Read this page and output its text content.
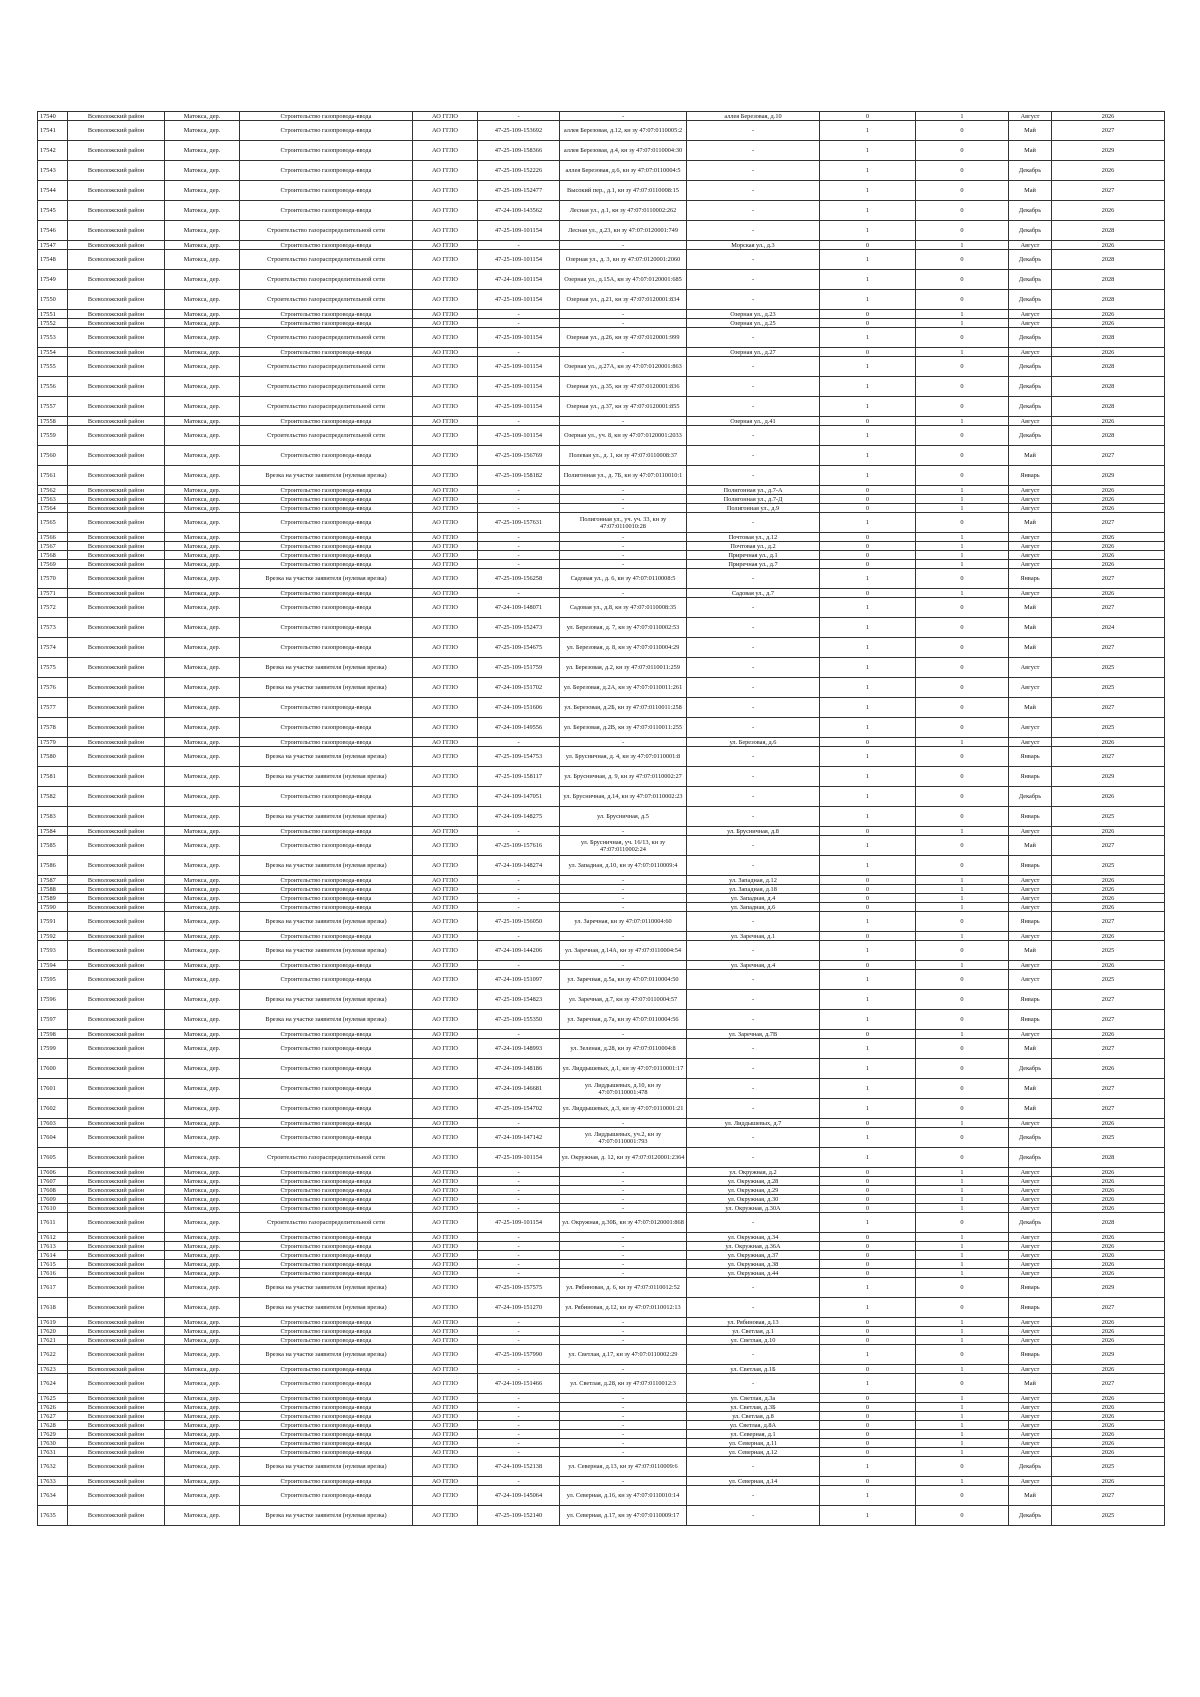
17540	Всеволожский район	Матокса, дер.	Строительство газопровода-ввода	АО ГГЛО	-	-	аллея Березовая, д.10	0	1	Август	2026
17541	Всеволожский район	Матокса, дер.	Строительство газопровода-ввода	АО ГГЛО	47-25-109-153692	аллея Березовая, д.12, кн зу 47:07:0110005:2	-	1	0	Май	2027
17542	Всеволожский район	Матокса, дер.	Строительство газопровода-ввода	АО ГГЛО	47-25-109-158366	аллея Березовая, д.4, кн зу 47:07:0110004:30	-	1	0	Май	2029
17543	Всеволожский район	Матокса, дер.	Строительство газопровода-ввода	АО ГГЛО	47-25-109-152226	аллея Березовая, д.6, кн зу 47:07:0110004:5	-	1	0	Декабрь	2026
17544	Всеволожский район	Матокса, дер.	Строительство газопровода-ввода	АО ГГЛО	47-25-109-152477	Высокий пер., д.1, кн зу 47:07:0110008:15	-	1	0	Май	2027
17545	Всеволожский район	Матокса, дер.	Строительство газопровода-ввода	АО ГГЛО	47-24-109-143562	Лесная ул., д.1, кн зу 47:07:0110002:262	-	1	0	Декабрь	2026
17546	Всеволожский район	Матокса, дер.	Строительство газораспределительной сети	АО ГГЛО	47-25-109-101154	Лесная ул., д.23, кн зу 47:07:0120001:749	-	1	0	Декабрь	2028
17547	Всеволожский район	Матокса, дер.	Строительство газопровода-ввода	АО ГГЛО	-	-	Морская ул., д.3	0	1	Август	2026
17548	Всеволожский район	Матокса, дер.	Строительство газораспределительной сети	АО ГГЛО	47-25-109-101154	Озерная ул., д. 3, кн зу 47:07:0120001:2060	-	1	0	Декабрь	2028
17549	Всеволожский район	Матокса, дер.	Строительство газораспределительной сети	АО ГГЛО	47-24-109-101154	Озерная ул., д.15А, кн зу 47:07:0120001:685	-	1	0	Декабрь	2028
17550	Всеволожский район	Матокса, дер.	Строительство газораспределительной сети	АО ГГЛО	47-25-109-101154	Озерная ул., д.21, кн зу 47:07:0120001:834	-	1	0	Декабрь	2028
17551	Всеволожский район	Матокса, дер.	Строительство газопровода-ввода	АО ГГЛО	-	-	Озерная ул., д.23	0	1	Август	2026
17552	Всеволожский район	Матокса, дер.	Строительство газопровода-ввода	АО ГГЛО	-	-	Озерная ул., д.25	0	1	Август	2026
17553	Всеволожский район	Матокса, дер.	Строительство газораспределительной сети	АО ГГЛО	47-25-109-101154	Озерная ул., д.26, кн зу 47:07:0120001:999	-	1	0	Декабрь	2028
17554	Всеволожский район	Матокса, дер.	Строительство газопровода-ввода	АО ГГЛО	-	-	Озерная ул., д.27	0	1	Август	2026
17555	Всеволожский район	Матокса, дер.	Строительство газораспределительной сети	АО ГГЛО	47-25-109-101154	Озерная ул., д.27А, кн зу 47:07:0120001:863	-	1	0	Декабрь	2028
17556	Всеволожский район	Матокса, дер.	Строительство газораспределительной сети	АО ГГЛО	47-25-109-101154	Озерная ул., д.35, кн зу 47:07:0120001:836	-	1	0	Декабрь	2028
17557	Всеволожский район	Матокса, дер.	Строительство газораспределительной сети	АО ГГЛО	47-25-109-101154	Озерная ул., д.37, кн зу 47:07:0120001:855	-	1	0	Декабрь	2028
17558	Всеволожский район	Матокса, дер.	Строительство газопровода-ввода	АО ГГЛО	-	-	Озерная ул., д.41	0	1	Август	2026
17559	Всеволожский район	Матокса, дер.	Строительство газораспределительной сети	АО ГГЛО	47-25-109-101154	Озерная ул., уч. 8, кн зу 47:07:0120001:2033	-	1	0	Декабрь	2028
17560	Всеволожский район	Матокса, дер.	Строительство газопровода-ввода	АО ГГЛО	47-25-109-156769	Полевая ул., д. 1, кн зу 47:07:0110008:37	-	1	0	Май	2027
17561	Всеволожский район	Матокса, дер.	Врезка на участке заявителя (нулевая врезка)	АО ГГЛО	47-25-109-158182	Полигонная ул., д. 7Б, кн зу 47:07:0110010:1	-	1	0	Январь	2029
17562	Всеволожский район	Матокса, дер.	Строительство газопровода-ввода	АО ГГЛО	-	-	Полигонная ул., д.7-А	0	1	Август	2026
17563	Всеволожский район	Матокса, дер.	Строительство газопровода-ввода	АО ГГЛО	-	-	Полигонная ул., д.7-Д	0	1	Август	2026
17564	Всеволожский район	Матокса, дер.	Строительство газопровода-ввода	АО ГГЛО	-	-	Полигонная ул., д.9	0	1	Август	2026
17565	Всеволожский район	Матокса, дер.	Строительство газопровода-ввода	АО ГГЛО	47-25-109-157631	Полигонная ул., уч. уч. 33, кн зу 47:07:0110010:28	-	1	0	Май	2027
17566	Всеволожский район	Матокса, дер.	Строительство газопровода-ввода	АО ГГЛО	-	-	Почтовая ул., д.12	0	1	Август	2026
17567	Всеволожский район	Матокса, дер.	Строительство газопровода-ввода	АО ГГЛО	-	-	Почтовая ул., д.2	0	1	Август	2026
17568	Всеволожский район	Матокса, дер.	Строительство газопровода-ввода	АО ГГЛО	-	-	Приречная ул., д.1	0	1	Август	2026
17569	Всеволожский район	Матокса, дер.	Строительство газопровода-ввода	АО ГГЛО	-	-	Приречная ул., д.7	0	1	Август	2026
17570	Всеволожский район	Матокса, дер.	Врезка на участке заявителя (нулевая врезка)	АО ГГЛО	47-25-109-156258	Садовая ул., д. 6, кн зу 47:07:0110008:5	-	1	0	Январь	2027
17571	Всеволожский район	Матокса, дер.	Строительство газопровода-ввода	АО ГГЛО	-	-	Садовая ул., д.7	0	1	Август	2026
17572	Всеволожский район	Матокса, дер.	Строительство газопровода-ввода	АО ГГЛО	47-24-109-148071	Садовая ул., д.8, кн зу 47:07:0110008:35	-	1	0	Май	2027
17573	Всеволожский район	Матокса, дер.	Строительство газопровода-ввода	АО ГГЛО	47-25-109-152473	ул. Березовая, д. 7, кн зу 47:07:0110002:53	-	1	0	Май	2024
17574	Всеволожский район	Матокса, дер.	Строительство газопровода-ввода	АО ГГЛО	47-25-109-154675	ул. Березовая, д. 8, кн зу 47:07:0110004:29	-	1	0	Май	2027
17575	Всеволожский район	Матокса, дер.	Врезка на участке заявителя (нулевая врезка)	АО ГГЛО	47-25-109-151759	ул. Березовая, д.2, кн зу 47:07:0110011:259	-	1	0	Август	2025
17576	Всеволожский район	Матокса, дер.	Врезка на участке заявителя (нулевая врезка)	АО ГГЛО	47-24-109-151702	ул. Березовая, д.2А, кн зу 47:07:0110011:261	-	1	0	Август	2025
17577	Всеволожский район	Матокса, дер.	Строительство газопровода-ввода	АО ГГЛО	47-24-109-151606	ул. Березовая, д.2Б, кн зу 47:07:0110011:258	-	1	0	Май	2027
17578	Всеволожский район	Матокса, дер.	Строительство газопровода-ввода	АО ГГЛО	47-24-109-149556	ул. Березовая, д.2В, кн зу 47:07:0110011:255	-	1	0	Август	2025
17579	Всеволожский район	Матокса, дер.	Строительство газопровода-ввода	АО ГГЛО	-	-	ул. Березовая, д.6	0	1	Август	2026
17580	Всеволожский район	Матокса, дер.	Врезка на участке заявителя (нулевая врезка)	АО ГГЛО	47-25-109-154753	ул. Брусничная, д. 4, кн зу 47:07:0110001:8	-	1	0	Январь	2027
17581	Всеволожский район	Матокса, дер.	Врезка на участке заявителя (нулевая врезка)	АО ГГЛО	47-25-109-158117	ул. Брусничная, д. 9, кн зу 47:07:0110002:27	-	1	0	Январь	2029
17582	Всеволожский район	Матокса, дер.	Строительство газопровода-ввода	АО ГГЛО	47-24-109-147051	ул. Брусничная, д.14, кн зу 47:07:0110002:23	-	1	0	Декабрь	2026
17583	Всеволожский район	Матокса, дер.	Врезка на участке заявителя (нулевая врезка)	АО ГГЛО	47-24-109-148275	ул. Брусничная, д.5	-	1	0	Январь	2025
17584	Всеволожский район	Матокса, дер.	Строительство газопровода-ввода	АО ГГЛО	-	-	ул. Брусничная, д.8	0	1	Август	2026
17585	Всеволожский район	Матокса, дер.	Строительство газопровода-ввода	АО ГГЛО	47-25-109-157616	ул. Брусничная, уч. 16/13, кн зу 47:07:0110002:24	-	1	0	Май	2027
17586	Всеволожский район	Матокса, дер.	Врезка на участке заявителя (нулевая врезка)	АО ГГЛО	47-24-109-148274	ул. Западная, д.10, кн зу 47:07:0110009:4	-	1	0	Январь	2025
17587	Всеволожский район	Матокса, дер.	Строительство газопровода-ввода	АО ГГЛО	-	-	ул. Западная, д.12	0	1	Август	2026
17588	Всеволожский район	Матокса, дер.	Строительство газопровода-ввода	АО ГГЛО	-	-	ул. Западная, д.18	0	1	Август	2026
17589	Всеволожский район	Матокса, дер.	Строительство газопровода-ввода	АО ГГЛО	-	-	ул. Западная, д.4	0	1	Август	2026
17590	Всеволожский район	Матокса, дер.	Строительство газопровода-ввода	АО ГГЛО	-	-	ул. Западная, д.6	0	1	Август	2026
17591	Всеволожский район	Матокса, дер.	Врезка на участке заявителя (нулевая врезка)	АО ГГЛО	47-25-109-156050	ул. Заречная, кн зу 47:07:0110004:60	-	1	0	Январь	2027
17592	Всеволожский район	Матокса, дер.	Строительство газопровода-ввода	АО ГГЛО	-	-	ул. Заречная, д.1	0	1	Август	2026
17593	Всеволожский район	Матокса, дер.	Врезка на участке заявителя (нулевая врезка)	АО ГГЛО	47-24-109-144206	ул. Заречная, д.14А, кн зу 47:07:0110004:54	-	1	0	Май	2025
17594	Всеволожский район	Матокса, дер.	Строительство газопровода-ввода	АО ГГЛО	-	-	ул. Заречная, д.4	0	1	Август	2026
17595	Всеволожский район	Матокса, дер.	Строительство газопровода-ввода	АО ГГЛО	47-24-109-151097	ул. Заречная, д.5а, кн зу 47:07:0110004:50	-	1	0	Август	2025
17596	Всеволожский район	Матокса, дер.	Врезка на участке заявителя (нулевая врезка)	АО ГГЛО	47-25-109-154823	ул. Заречная, д.7, кн зу 47:07:0110004:57	-	1	0	Январь	2027
17597	Всеволожский район	Матокса, дер.	Врезка на участке заявителя (нулевая врезка)	АО ГГЛО	47-25-109-155350	ул. Заречная, д.7а, кн зу 47:07:0110004:56	-	1	0	Январь	2027
17598	Всеволожский район	Матокса, дер.	Строительство газопровода-ввода	АО ГГЛО	-	-	ул. Заречная, д.7В	0	1	Август	2026
17599	Всеволожский район	Матокса, дер.	Строительство газопровода-ввода	АО ГГЛО	47-24-109-148993	ул. Зеленая, д.28, кн зу 47:07:0110004:8	-	1	0	Май	2027
17600	Всеволожский район	Матокса, дер.	Строительство газопровода-ввода	АО ГГЛО	47-24-109-148186	ул. Лиддышевых, д.1, кн зу 47:07:0110001:17	-	1	0	Декабрь	2026
17601	Всеволожский район	Матокса, дер.	Строительство газопровода-ввода	АО ГГЛО	47-24-109-146681	ул. Лиддышевых, д.10, кн зу 47:07:0110001:478	-	1	0	Май	2027
17602	Всеволожский район	Матокса, дер.	Строительство газопровода-ввода	АО ГГЛО	47-25-109-154702	ул. Лиддышевых, д.3, кн зу 47:07:0110001:21	-	1	0	Май	2027
17603	Всеволожский район	Матокса, дер.	Строительство газопровода-ввода	АО ГГЛО	-	-	ул. Лиддышевых, д.7	0	1	Август	2026
17604	Всеволожский район	Матокса, дер.	Строительство газопровода-ввода	АО ГГЛО	47-24-109-147142	ул. Лиддышевых, уч.2, кн зу 47:07:0110001:793	-	1	0	Декабрь	2025
17605	Всеволожский район	Матокса, дер.	Строительство газораспределительной сети	АО ГГЛО	47-25-109-101154	ул. Окружная, д. 12, кн зу 47:07:0120001:2364	-	1	0	Декабрь	2028
17606	Всеволожский район	Матокса, дер.	Строительство газопровода-ввода	АО ГГЛО	-	-	ул. Окружная, д.2	0	1	Август	2026
17607	Всеволожский район	Матокса, дер.	Строительство газопровода-ввода	АО ГГЛО	-	-	ул. Окружная, д.28	0	1	Август	2026
17608	Всеволожский район	Матокса, дер.	Строительство газопровода-ввода	АО ГГЛО	-	-	ул. Окружная, д.29	0	1	Август	2026
17609	Всеволожский район	Матокса, дер.	Строительство газопровода-ввода	АО ГГЛО	-	-	ул. Окружная, д.30	0	1	Август	2026
17610	Всеволожский район	Матокса, дер.	Строительство газопровода-ввода	АО ГГЛО	-	-	ул. Окружная, д.30А	0	1	Август	2026
17611	Всеволожский район	Матокса, дер.	Строительство газораспределительной сети	АО ГГЛО	47-25-109-101154	ул. Окружная, д.30Б, кн зу 47:07:0120001:868	-	1	0	Декабрь	2028
17612	Всеволожский район	Матокса, дер.	Строительство газопровода-ввода	АО ГГЛО	-	-	ул. Окружная, д.34	0	1	Август	2026
17613	Всеволожский район	Матокса, дер.	Строительство газопровода-ввода	АО ГГЛО	-	-	ул. Окружная, д.36А	0	1	Август	2026
17614	Всеволожский район	Матокса, дер.	Строительство газопровода-ввода	АО ГГЛО	-	-	ул. Окружная, д.37	0	1	Август	2026
17615	Всеволожский район	Матокса, дер.	Строительство газопровода-ввода	АО ГГЛО	-	-	ул. Окружная, д.38	0	1	Август	2026
17616	Всеволожский район	Матокса, дер.	Строительство газопровода-ввода	АО ГГЛО	-	-	ул. Окружная, д.44	0	1	Август	2026
17617	Всеволожский район	Матокса, дер.	Врезка на участке заявителя (нулевая врезка)	АО ГГЛО	47-25-109-157575	ул. Рябиновая, д. 6, кн зу 47:07:0110012:52	-	1	0	Январь	2029
17618	Всеволожский район	Матокса, дер.	Врезка на участке заявителя (нулевая врезка)	АО ГГЛО	47-24-109-151270	ул. Рябиновая, д.12, кн зу 47:07:0110012:13	-	1	0	Январь	2027
17619	Всеволожский район	Матокса, дер.	Строительство газопровода-ввода	АО ГГЛО	-	-	ул. Рябиновая, д.13	0	1	Август	2026
17620	Всеволожский район	Матокса, дер.	Строительство газопровода-ввода	АО ГГЛО	-	-	ул. Светлая, д.1	0	1	Август	2026
17621	Всеволожский район	Матокса, дер.	Строительство газопровода-ввода	АО ГГЛО	-	-	ул. Светлая, д.10	0	1	Август	2026
17622	Всеволожский район	Матокса, дер.	Врезка на участке заявителя (нулевая врезка)	АО ГГЛО	47-25-109-157990	ул. Светлая, д.17, кн зу 47:07:0110002:29	-	1	0	Январь	2029
17623	Всеволожский район	Матокса, дер.	Строительство газопровода-ввода	АО ГГЛО	-	-	ул. Светлая, д.1Б	0	1	Август	2026
17624	Всеволожский район	Матокса, дер.	Строительство газопровода-ввода	АО ГГЛО	47-24-109-151466	ул. Светлая, д.28, кн зу 47:07:0110012:3	-	1	0	Май	2027
17625	Всеволожский район	Матокса, дер.	Строительство газопровода-ввода	АО ГГЛО	-	-	ул. Светлая, д.3а	0	1	Август	2026
17626	Всеволожский район	Матокса, дер.	Строительство газопровода-ввода	АО ГГЛО	-	-	ул. Светлая, д.3Б	0	1	Август	2026
17627	Всеволожский район	Матокса, дер.	Строительство газопровода-ввода	АО ГГЛО	-	-	ул. Светлая, д.8	0	1	Август	2026
17628	Всеволожский район	Матокса, дер.	Строительство газопровода-ввода	АО ГГЛО	-	-	ул. Светлая, д.8А	0	1	Август	2026
17629	Всеволожский район	Матокса, дер.	Строительство газопровода-ввода	АО ГГЛО	-	-	ул. Северная, д.1	0	1	Август	2026
17630	Всеволожский район	Матокса, дер.	Строительство газопровода-ввода	АО ГГЛО	-	-	ул. Северная, д.11	0	1	Август	2026
17631	Всеволожский район	Матокса, дер.	Строительство газопровода-ввода	АО ГГЛО	-	-	ул. Северная, д.12	0	1	Август	2026
17632	Всеволожский район	Матокса, дер.	Врезка на участке заявителя (нулевая врезка)	АО ГГЛО	47-24-109-152138	ул. Северная, д.13, кн зу 47:07:0110009:6	-	1	0	Декабрь	2025
17633	Всеволожский район	Матокса, дер.	Строительство газопровода-ввода	АО ГГЛО	-	-	ул. Северная, д.14	0	1	Август	2026
17634	Всеволожский район	Матокса, дер.	Строительство газопровода-ввода	АО ГГЛО	47-24-109-145064	ул. Северная, д.16, кн зу 47:07:0110010:14	-	1	0	Май	2027
17635	Всеволожский район	Матокса, дер.	Врезка на участке заявителя (нулевая врезка)	АО ГГЛО	47-25-109-152140	ул. Северная, д.17, кн зу 47:07:0110009:17	-	1	0	Декабрь	2025
